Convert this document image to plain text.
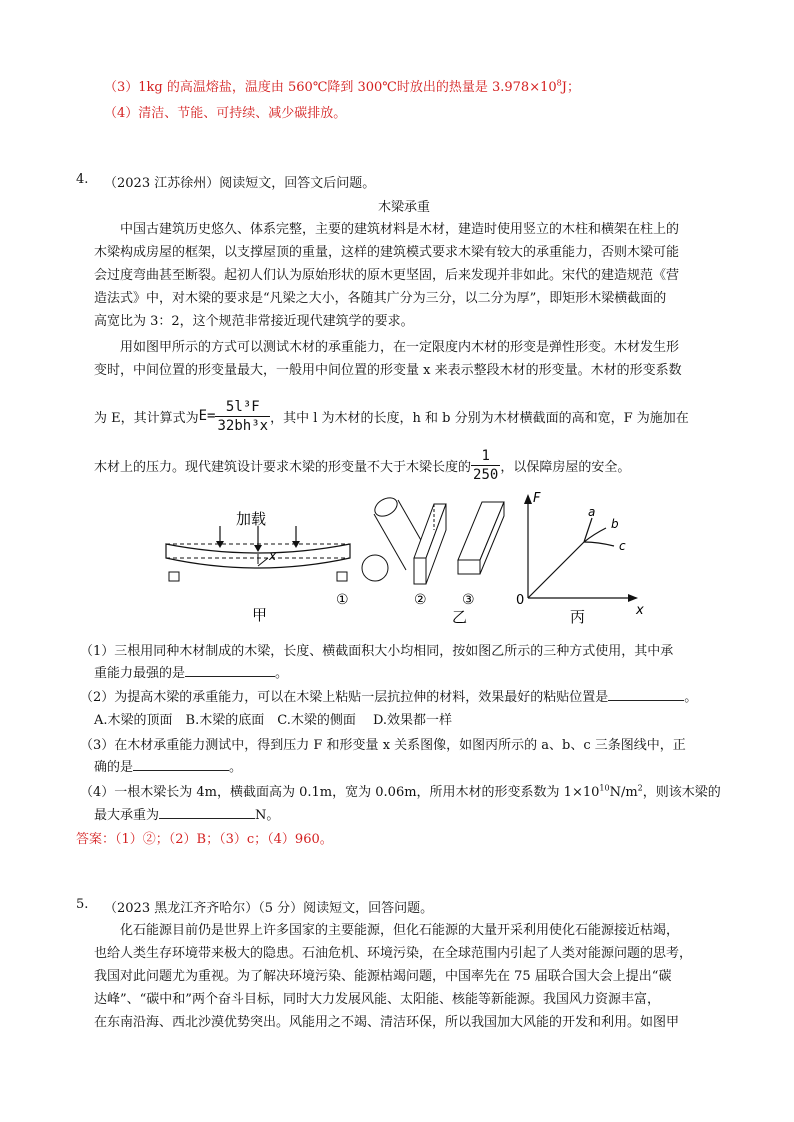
（3）1kg 的高温熔盐，温度由 560℃降到 300℃时放出的热量是 $3.978\times 10^8J$；
（4）清洁、节能、可持续、减少碳排放。
4. （2023 江苏徐州）阅读短文，回答文后问题。
木梁承重
中国古建筑历史悠久、体系完整，主要的建筑材料是木材，建造时使用竖立的木柱和横架在柱上的
木梁构成房屋的框架，以支撑屋顶的重量，这样的建筑模式要求木梁有较大的承重能力，否则木梁可能
会过度弯曲甚至断裂。起初人们认为原始形状的原木更坚固，后来发现并非如此。宋代的建造规范《营
造法式》中，对木梁的要求是“凡梁之大小，各随其广分为三分，以二分为厚”，即矩形木梁横截面的
高宽比为 3：2，这个规范非常接近现代建筑学的要求。
用如图甲所示的方式可以测试木材的承重能力，在一定限度内木材的形变是弹性形变。木材发生形
变时，中间位置的形变量最大，一般用中间位置的形变量 x 来表示整段木材的形变量。木材的形变系数
为 E，其计算式为 $E= \frac{\text{5l³F}}{\text{32bh³x}}$ ，其中 l 为木材的长度，h 和 b 分别为木材横截面的高和宽，F 为施加在
木材上的压力。现代建筑设计要求木梁的形变量不大于木梁长度的 $\frac{1}{250}$ ，以保障房屋的安全。
加载
x
甲
①	②	③
乙
F
0
x
a
b
c
丙
（1）三根用同种木材制成的木梁，长度、横截面积大小均相同，按如图乙所示的三种方式使用，其中承
重能力最强的是	。
（2）为提高木梁的承重能力，可以在木梁上粘贴一层抗拉伸的材料，效果最好的粘贴位置是	。
A.木梁的顶面　B.木梁的底面　C.木梁的侧面　 D.效果都一样
（3）在木材承重能力测试中，得到压力 F 和形变量 x 关系图像，如图丙所示的 a、b、c 三条图线中，正
确的是	。
（4）一根木梁长为 4m，横截面高为 0.1m，宽为 0.06m，所用木材的形变系数为 $1\times 10^{10}N/m^2$，则该木梁的
最大承重为	N。
答案：（1）②；（2）B；（3）c；（4）960。
5. （2023 黑龙江齐齐哈尔）（5 分）阅读短文，回答问题。
化石能源目前仍是世界上许多国家的主要能源，但化石能源的大量开采利用使化石能源接近枯竭，
也给人类生存环境带来极大的隐患。石油危机、环境污染，在全球范围内引起了人类对能源问题的思考，
我国对此问题尤为重视。为了解决环境污染、能源枯竭问题，中国率先在 75 届联合国大会上提出“碳
达峰”、“碳中和”两个奋斗目标，同时大力发展风能、太阳能、核能等新能源。我国风力资源丰富，
在东南沿海、西北沙漠优势突出。风能用之不竭、清洁环保，所以我国加大风能的开发和利用。如图甲
